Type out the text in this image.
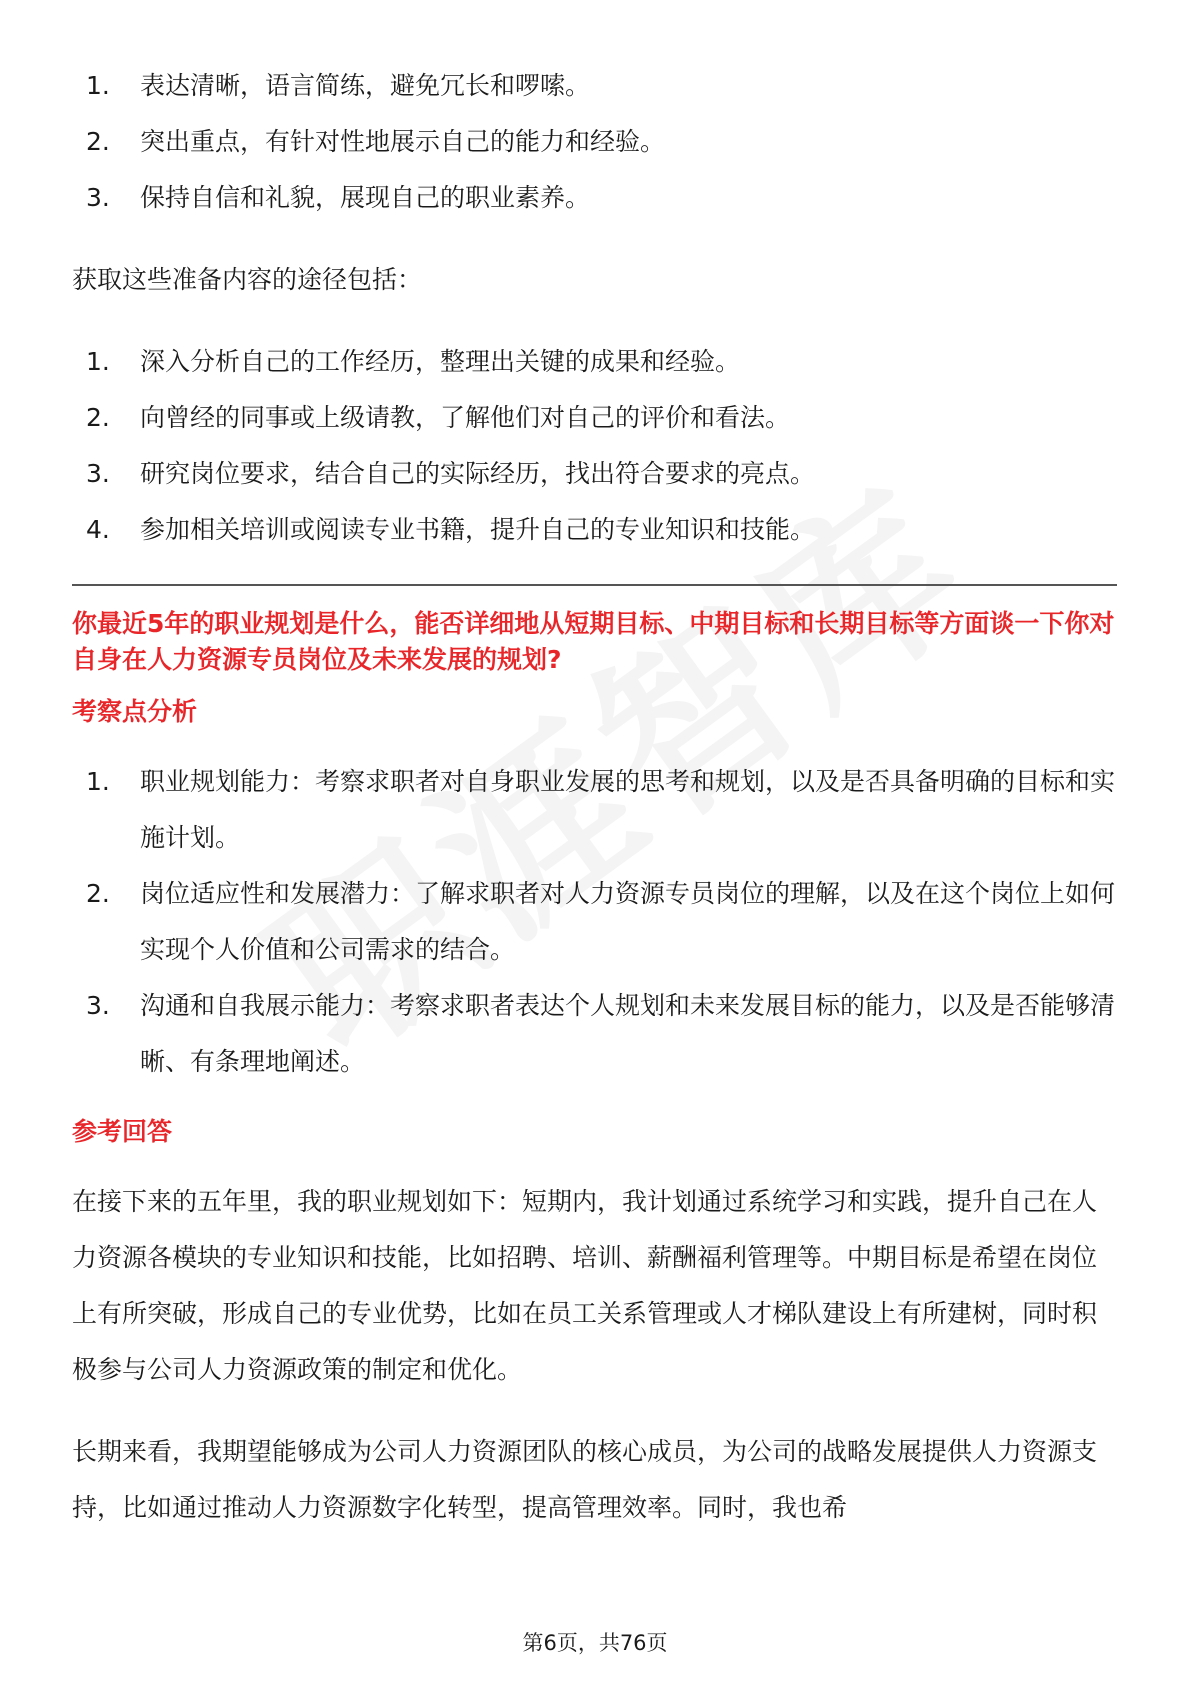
1.	表达清晰，语言简练，避免冗长和啰嗦。
2.	突出重点，有针对性地展示自己的能力和经验。
3.	保持自信和礼貌，展现自己的职业素养。

获取这些准备内容的途径包括：

1.	深入分析自己的工作经历，整理出关键的成果和经验。
2.	向曾经的同事或上级请教，了解他们对自己的评价和看法。
3.	研究岗位要求，结合自己的实际经历，找出符合要求的亮点。
4.	参加相关培训或阅读专业书籍，提升自己的专业知识和技能。

你最近5年的职业规划是什么，能否详细地从短期目标、中期目标和长期目标等方面谈一下你对自身在人力资源专员岗位及未来发展的规划?

考察点分析

1.	职业规划能力：考察求职者对自身职业发展的思考和规划，以及是否具备明确的目标和实施计划。
2.	岗位适应性和发展潜力：了解求职者对人力资源专员岗位的理解，以及在这个岗位上如何实现个人价值和公司需求的结合。
3.	沟通和自我展示能力：考察求职者表达个人规划和未来发展目标的能力，以及是否能够清晰、有条理地阐述。

参考回答

在接下来的五年里，我的职业规划如下：短期内，我计划通过系统学习和实践，提升自己在人力资源各模块的专业知识和技能，比如招聘、培训、薪酬福利管理等。中期目标是希望在岗位上有所突破，形成自己的专业优势，比如在员工关系管理或人才梯队建设上有所建树，同时积极参与公司人力资源政策的制定和优化。

长期来看，我期望能够成为公司人力资源团队的核心成员，为公司的战略发展提供人力资源支持，比如通过推动人力资源数字化转型，提高管理效率。同时，我也希

第6页，共76页
